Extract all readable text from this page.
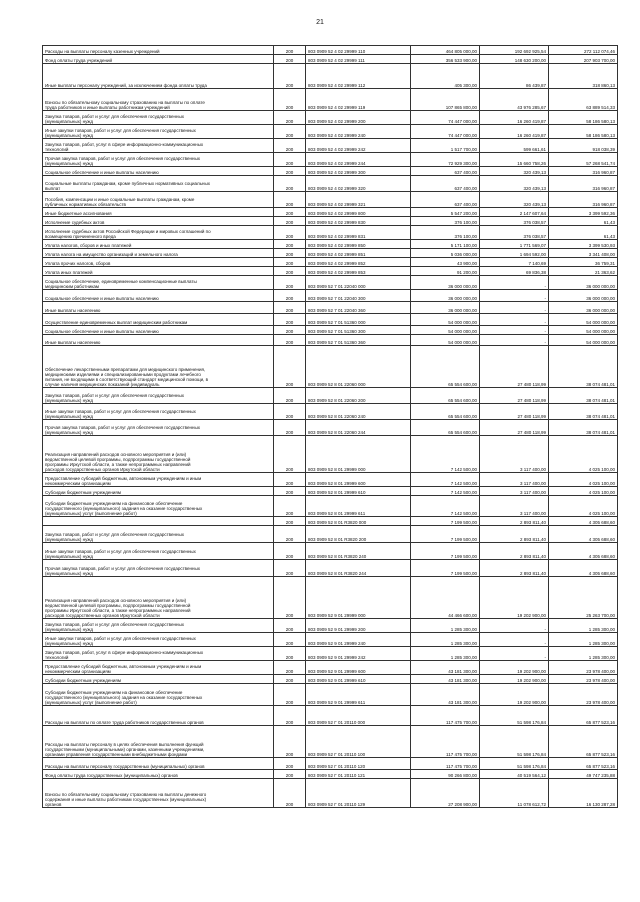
21
Расходы на выплаты персоналу казенных учреждений	200	803 0909 52 4 02 29999 110	464 805 000,00	192 692 925,54	272 112 074,46
Фонд оплаты труда учреждений	200	803 0909 52 4 02 29999 111	356 533 900,00	148 630 200,00	207 903 700,00
Иные выплаты персоналу учреждений, за исключением фонда оплаты труда	200	803 0909 52 4 02 29999 112	405 300,00	86 439,87	318 860,13
Взносы по обязательному социальному страхованию на выплаты по оплате
труда работников и иные выплаты работникам учреждений	200	803 0909 52 4 02 29999 119	107 865 800,00	43 976 285,67	63 889 514,33
Закупка товаров, работ и услуг для обеспечения государственных
(муниципальных) нужд	200	803 0909 52 4 02 29999 200	74 447 000,00	16 260 419,87	58 186 580,13
Иные закупки товаров, работ и услуг для обеспечения государственных
(муниципальных) нужд	200	803 0909 52 4 02 29999 240	74 447 000,00	16 260 419,87	58 186 580,13
Закупка товаров, работ, услуг в сфере информационно-коммуникационных
технологий	200	803 0909 52 4 02 29999 242	1 517 700,00	599 661,61	918 038,39
Прочая закупка товаров, работ и услуг для обеспечения государственных
(муниципальных) нужд	200	803 0909 52 4 02 29999 244	72 929 300,00	15 660 758,26	57 268 541,74
Социальное обеспечение и иные выплаты населению	200	803 0909 52 4 02 29999 300	637 400,00	320 439,13	316 960,87
Социальные выплаты гражданам, кроме публичных нормативных социальных
выплат	200	803 0909 52 4 02 29999 320	637 400,00	320 439,13	316 960,87
Пособия, компенсации и иные социальные выплаты гражданам, кроме
публичных нормативных обязательств	200	803 0909 52 4 02 29999 321	637 400,00	320 439,13	316 960,87
Иные бюджетные ассигнования	200	803 0909 52 4 02 29999 800	5 547 200,00	2 147 607,64	3 399 592,36
Исполнение судебных актов	200	803 0909 52 4 02 29999 830	376 100,00	376 038,57	61,43
Исполнение судебных актов Российской Федерации и мировых соглашений по
возмещению причиненного вреда	200	803 0909 52 4 02 29999 831	376 100,00	376 038,57	61,43
Уплата налогов, сборов и иных платежей	200	803 0909 52 4 02 29999 850	5 171 100,00	1 771 569,07	3 399 530,93
Уплата налога на имущество организаций и земельного налога	200	803 0909 52 4 02 29999 851	5 036 000,00	1 694 592,00	3 341 408,00
Уплата прочих налогов, сборов	200	803 0909 52 4 02 29999 852	43 900,00	7 140,69	36 759,31
Уплата иных платежей	200	803 0909 52 4 02 29999 853	91 200,00	69 836,38	21 363,62
Социальное обеспечение, единовременные компенсационные выплаты
медицинским работникам	200	803 0909 52 7 01 22040 000	36 000 000,00	-	36 000 000,00
Социальное обеспечение и иные выплаты населению	200	803 0909 52 7 01 22040 300	36 000 000,00	-	36 000 000,00
Иные выплаты населению	200	803 0909 52 7 01 22040 360	36 000 000,00	-	36 000 000,00
Осуществление единовременных выплат медицинским работникам	200	803 0909 52 7 01 51360 000	54 000 000,00	-	54 000 000,00
Социальное обеспечение и иные выплаты населению	200	803 0909 52 7 01 51360 300	54 000 000,00	-	54 000 000,00
Иные выплаты населению	200	803 0909 52 7 01 51360 360	54 000 000,00	-	54 000 000,00
Обеспечение лекарственными препаратами для медицинского применения,
медицинскими изделиями и специализированными продуктами лечебного
питания, не входящими в соответствующий стандарт медицинской помощи, в
случае наличия медицинских показаний (индивидуаль	200	803 0909 52 8 01 22060 000	65 554 600,00	27 480 118,99	38 074 481,01
Закупка товаров, работ и услуг для обеспечения государственных
(муниципальных) нужд	200	803 0909 52 8 01 22060 200	65 554 600,00	27 480 118,99	38 074 481,01
Иные закупки товаров, работ и услуг для обеспечения государственных
(муниципальных) нужд	200	803 0909 52 8 01 22060 240	65 554 600,00	27 480 118,99	38 074 481,01
Прочая закупка товаров, работ и услуг для обеспечения государственных
(муниципальных) нужд	200	803 0909 52 8 01 22060 244	65 554 600,00	27 480 118,99	38 074 481,01
Реализация направлений расходов основного мероприятия и (или)
ведомственной целевой программы, подпрограммы государственной
программы Иркутской области, а также непрограммных направлений
расходов государственных органов Иркутской области	200	803 0909 52 8 01 29999 000	7 142 500,00	3 117 400,00	4 025 100,00
Предоставление субсидий бюджетным, автономным учреждениям и иным
некоммерческим организациям	200	803 0909 52 8 01 29999 600	7 142 500,00	3 117 400,00	4 025 100,00
Субсидии бюджетным учреждениям	200	803 0909 52 8 01 29999 610	7 142 500,00	3 117 400,00	4 025 100,00
Субсидии бюджетным учреждениям на финансовое обеспечение
государственного (муниципального) задания на оказание государственных
(муниципальных) услуг (выполнение работ)	200	803 0909 52 8 01 29999 611	7 142 500,00	3 117 400,00	4 025 100,00
	200	803 0909 52 8 01 R3820 000	7 199 500,00	2 893 811,40	4 305 688,60
Закупка товаров, работ и услуг для обеспечения государственных
(муниципальных) нужд	200	803 0909 52 8 01 R3820 200	7 199 500,00	2 893 811,40	4 305 688,60
Иные закупки товаров, работ и услуг для обеспечения государственных
(муниципальных) нужд	200	803 0909 52 8 01 R3820 240	7 199 500,00	2 893 811,40	4 305 688,60
Прочая закупка товаров, работ и услуг для обеспечения государственных
(муниципальных) нужд	200	803 0909 52 8 01 R3820 244	7 199 500,00	2 893 811,40	4 305 688,60
Реализация направлений расходов основного мероприятия и (или)
ведомственной целевой программы, подпрограммы государственной
программы Иркутской области, а также непрограммных направлений
расходов государственных органов Иркутской области	200	803 0909 52 9 01 29999 000	44 466 600,00	19 202 900,00	25 263 700,00
Закупка товаров, работ и услуг для обеспечения государственных
(муниципальных) нужд	200	803 0909 52 9 01 29999 200	1 285 300,00	-	1 285 300,00
Иные закупки товаров, работ и услуг для обеспечения государственных
(муниципальных) нужд	200	803 0909 52 9 01 29999 240	1 285 300,00	-	1 285 300,00
Закупка товаров, работ, услуг в сфере информационно-коммуникационных
технологий	200	803 0909 52 9 01 29999 242	1 285 300,00	-	1 285 300,00
Предоставление субсидий бюджетным, автономным учреждениям и иным
некоммерческим организациям	200	803 0909 52 9 01 29999 600	43 181 300,00	19 202 900,00	23 978 400,00
Субсидии бюджетным учреждениям	200	803 0909 52 9 01 29999 610	43 181 300,00	19 202 900,00	23 978 400,00
Субсидии бюджетным учреждениям на финансовое обеспечение
государственного (муниципального) задания на оказание государственных
(муниципальных) услуг (выполнение работ)	200	803 0909 52 9 01 29999 611	43 181 300,00	19 202 900,00	23 978 400,00
Расходы на выплаты по оплате труда работников государственных органов	200	803 0909 52 Г 01 20110 000	117 475 700,00	51 598 176,84	65 877 523,16
Расходы на выплаты персоналу в целях обеспечения выполнения функций
государственными (муниципальными) органами, казенными учреждениями,
органами управления государственными внебюджетными фондами	200	803 0909 52 Г 01 20110 100	117 475 700,00	51 598 176,84	65 877 523,16
Расходы на выплаты персоналу государственных (муниципальных) органов	200	803 0909 52 Г 01 20110 120	117 475 700,00	51 598 176,84	65 877 523,16
Фонд оплаты труда государственных (муниципальных) органов	200	803 0909 52 Г 01 20110 121	90 266 800,00	40 519 564,12	49 747 235,88
Взносы по обязательному социальному страхованию на выплаты денежного
содержания и иные выплаты работникам государственных (муниципальных)
органов	200	803 0909 52 Г 01 20110 129	27 208 900,00	11 078 612,72	16 130 287,28
